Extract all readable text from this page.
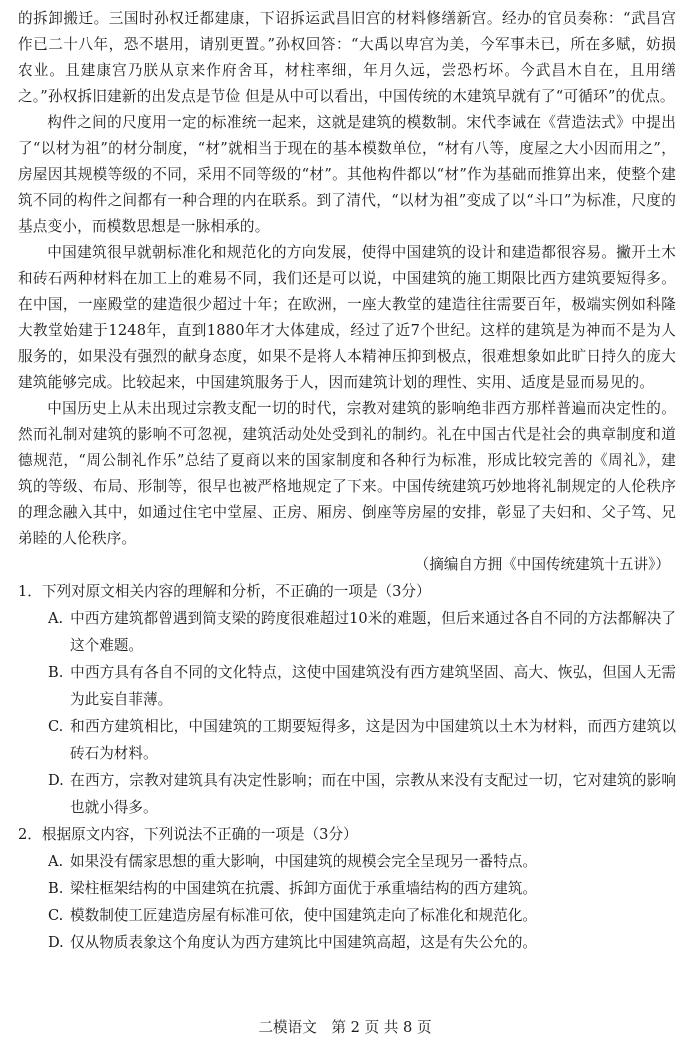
的拆卸搬迁。三国时孙权迁都建康，下诏拆运武昌旧宫的材料修缮新宫。经办的官员奏称：“武昌宫作已二十八年，恐不堪用，请别更置。”孙权回答：“大禹以卑宫为美，今军事未已，所在多赋，妨损农业。且建康宫乃朕从京来作府舍耳，材柱率细，年月久远，尝恐朽坏。今武昌木自在，且用缮之。”孙权拆旧建新的出发点是节俭 但是从中可以看出，中国传统的木建筑早就有了“可循环”的优点。

构件之间的尺度用一定的标准统一起来，这就是建筑的模数制。宋代李诫在《营造法式》中提出了“以材为祖”的材分制度，“材”就相当于现在的基本模数单位，“材有八等，度屋之大小因而用之”，房屋因其规模等级的不同，采用不同等级的“材”。其他构件都以“材”作为基础而推算出来，使整个建筑不同的构件之间都有一种合理的内在联系。到了清代，“以材为祖”变成了以“斗口”为标准，尺度的基点变小，而模数思想是一脉相承的。

中国建筑很早就朝标准化和规范化的方向发展，使得中国建筑的设计和建造都很容易。撇开土木和砖石两种材料在加工上的难易不同，我们还是可以说，中国建筑的施工期限比西方建筑要短得多。在中国，一座殿堂的建造很少超过十年；在欧洲，一座大教堂的建造往往需要百年，极端实例如科隆大教堂始建于1248年，直到1880年才大体建成，经过了近7个世纪。这样的建筑是为神而不是为人服务的，如果没有强烈的献身态度，如果不是将人本精神压抑到极点，很难想象如此旷日持久的庞大建筑能够完成。比较起来，中国建筑服务于人，因而建筑计划的理性、实用、适度是显而易见的。

中国历史上从未出现过宗教支配一切的时代，宗教对建筑的影响绝非西方那样普遍而决定性的。然而礼制对建筑的影响不可忽视，建筑活动处处受到礼的制约。礼在中国古代是社会的典章制度和道德规范，“周公制礼作乐”总结了夏商以来的国家制度和各种行为标准，形成比较完善的《周礼》，建筑的等级、布局、形制等，很早也被严格地规定了下来。中国传统建筑巧妙地将礼制规定的人伦秩序的理念融入其中，如通过住宅中堂屋、正房、厢房、倒座等房屋的安排，彰显了夫妇和、父子笃、兄弟睦的人伦秩序。

（摘编自方拥《中国传统建筑十五讲》）

1．下列对原文相关内容的理解和分析，不正确的一项是（3分）

A. 中西方建筑都曾遇到简支梁的跨度很难超过10米的难题，但后来通过各自不同的方法都解决了这个难题。

B. 中西方具有各自不同的文化特点，这使中国建筑没有西方建筑坚固、高大、恢弘，但国人无需为此妄自菲薄。

C. 和西方建筑相比，中国建筑的工期要短得多，这是因为中国建筑以土木为材料，而西方建筑以砖石为材料。

D. 在西方，宗教对建筑具有决定性影响；而在中国，宗教从来没有支配过一切，它对建筑的影响也就小得多。

2．根据原文内容，下列说法不正确的一项是（3分）

A. 如果没有儒家思想的重大影响，中国建筑的规模会完全呈现另一番特点。

B. 梁柱框架结构的中国建筑在抗震、拆卸方面优于承重墙结构的西方建筑。

C. 模数制使工匠建造房屋有标准可依，使中国建筑走向了标准化和规范化。

D. 仅从物质表象这个角度认为西方建筑比中国建筑高超，这是有失公允的。

二模语文　第 2 页 共 8 页
